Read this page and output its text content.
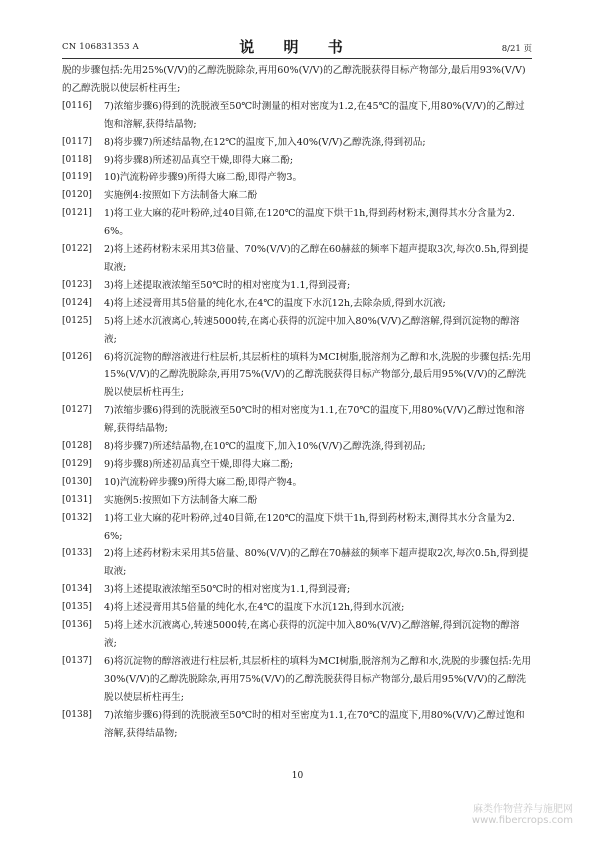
CN 106831353 A	说 明 书	8/21 页
脱的步骤包括:先用25%(V/V)的乙醇洗脱除杂,再用60%(V/V)的乙醇洗脱获得目标产物部分,最后用93%(V/V)的乙醇洗脱以使层析柱再生;
[0116] 7)浓缩步骤6)得到的洗脱液至50℃时测量的相对密度为1.2,在45℃的温度下,用80%(V/V)的乙醇过饱和溶解,获得结晶物;
[0117] 8)将步骤7)所述结晶物,在12℃的温度下,加入40%(V/V)乙醇洗涤,得到初品;
[0118] 9)将步骤8)所述初品真空干燥,即得大麻二酚;
[0119] 10)汽流粉碎步骤9)所得大麻二酚,即得产物3。
[0120] 实施例4:按照如下方法制备大麻二酚
[0121] 1)将工业大麻的花叶粉碎,过40目筛,在120℃的温度下烘干1h,得到药材粉末,测得其水分含量为2.6%。
[0122] 2)将上述药材粉末采用其3倍量、70%(V/V)的乙醇在60赫兹的频率下超声提取3次,每次0.5h,得到提取液;
[0123] 3)将上述提取液浓缩至50℃时的相对密度为1.1,得到浸膏;
[0124] 4)将上述浸膏用其5倍量的纯化水,在4℃的温度下水沉12h,去除杂质,得到水沉液;
[0125] 5)将上述水沉液离心,转速5000转,在离心获得的沉淀中加入80%(V/V)乙醇溶解,得到沉淀物的醇溶液;
[0126] 6)将沉淀物的醇溶液进行柱层析,其层析柱的填料为MCI树脂,脱溶剂为乙醇和水,洗脱的步骤包括:先用15%(V/V)的乙醇洗脱除杂,再用75%(V/V)的乙醇洗脱获得目标产物部分,最后用95%(V/V)的乙醇洗脱以使层析柱再生;
[0127] 7)浓缩步骤6)得到的洗脱液至50℃时的相对密度为1.1,在70℃的温度下,用80%(V/V)乙醇过饱和溶解,获得结晶物;
[0128] 8)将步骤7)所述结晶物,在10℃的温度下,加入10%(V/V)乙醇洗涤,得到初品;
[0129] 9)将步骤8)所述初品真空干燥,即得大麻二酚;
[0130] 10)汽流粉碎步骤9)所得大麻二酚,即得产物4。
[0131] 实施例5:按照如下方法制备大麻二酚
[0132] 1)将工业大麻的花叶粉碎,过40目筛,在120℃的温度下烘干1h,得到药材粉末,测得其水分含量为2.6%;
[0133] 2)将上述药材粉末采用其5倍量、80%(V/V)的乙醇在70赫兹的频率下超声提取2次,每次0.5h,得到提取液;
[0134] 3)将上述提取液浓缩至50℃时的相对密度为1.1,得到浸膏;
[0135] 4)将上述浸膏用其5倍量的纯化水,在4℃的温度下水沉12h,得到水沉液;
[0136] 5)将上述水沉液离心,转速5000转,在离心获得的沉淀中加入80%(V/V)乙醇溶解,得到沉淀物的醇溶液;
[0137] 6)将沉淀物的醇溶液进行柱层析,其层析柱的填料为MCI树脂,脱溶剂为乙醇和水,洗脱的步骤包括:先用30%(V/V)的乙醇洗脱除杂,再用75%(V/V)的乙醇洗脱获得目标产物部分,最后用95%(V/V)的乙醇洗脱以使层析柱再生;
[0138] 7)浓缩步骤6)得到的洗脱液至50℃时的相对至密度为1.1,在70℃的温度下,用80%(V/V)乙醇过饱和溶解,获得结晶物;
10
麻类作物营养与施肥网
www.fibercrops.com
